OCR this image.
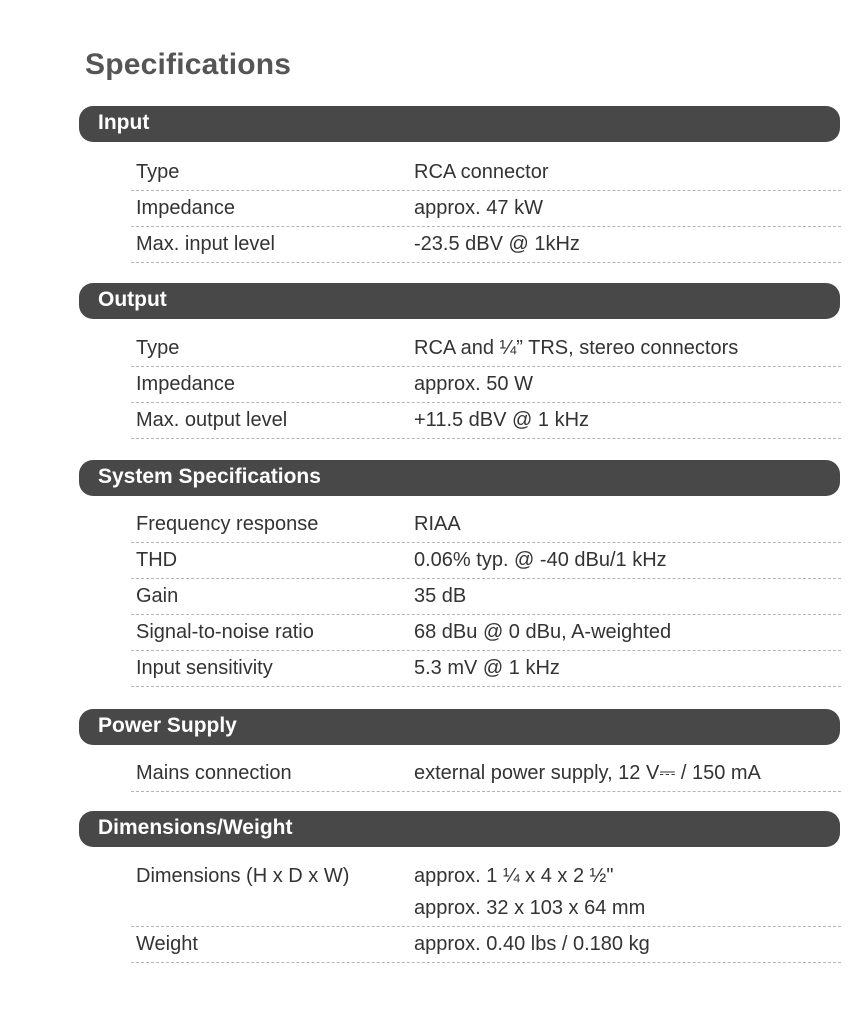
Specifications
Input
Type	RCA connector
Impedance	approx. 47 kW
Max. input level	-23.5 dBV @ 1kHz
Output
Type	RCA and ¼” TRS, stereo connectors
Impedance	approx. 50 W
Max. output level	+11.5 dBV @ 1 kHz
System Specifications
Frequency response	RIAA
THD	0.06% typ. @ -40 dBu/1 kHz
Gain	35 dB
Signal-to-noise ratio	68 dBu @ 0 dBu, A-weighted
Input sensitivity	5.3 mV @ 1 kHz
Power Supply
Mains connection	external power supply, 12 V⎓ / 150 mA
Dimensions/Weight
Dimensions (H x D x W)	approx. 1 ¼ x 4 x 2 ½"
approx. 32 x 103 x 64 mm
Weight	approx. 0.40 lbs / 0.180 kg
